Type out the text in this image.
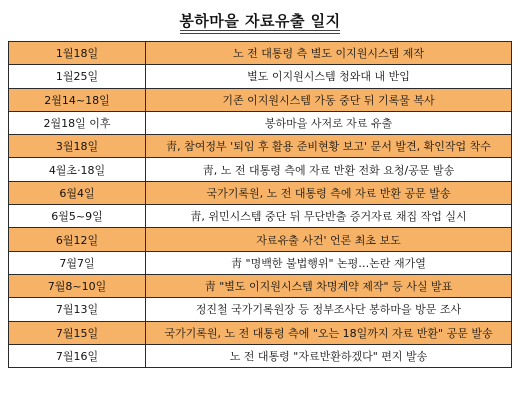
봉하마을 자료유출 일지
1월18일	노 전 대통령 측 별도 이지원시스템 제작
1월25일	별도 이지원시스템 청와대 내 반입
2월14~18일	기존 이지원시스템 가동 중단 뒤 기록물 복사
2월18일 이후	봉하마을 사저로 자료 유출
3월18일	靑, 참여정부 '퇴임 후 활용 준비현황 보고' 문서 발견, 확인작업 착수
4월초·18일	靑, 노 전 대통령 측에 자료 반환 전화 요청/공문 발송
6월4일	국가기록원, 노 전 대통령 측에 자료 반환 공문 발송
6월5~9일	靑, 위민시스템 중단 뒤 무단반출 증거자료 채집 작업 실시
6월12일	자료유출 사건' 언론 최초 보도
7월7일	靑 "명백한 불법행위" 논평…논란 재가열
7월8~10일	靑 "별도 이지원시스템 차명계약 제작" 등 사실 발표
7월13일	정진철 국가기록원장 등 정부조사단 봉하마을 방문 조사
7월15일	국가기록원, 노 전 대통령 측에 "오는 18일까지 자료 반환" 공문 발송
7월16일	노 전 대통령 "자료반환하겠다" 편지 발송
